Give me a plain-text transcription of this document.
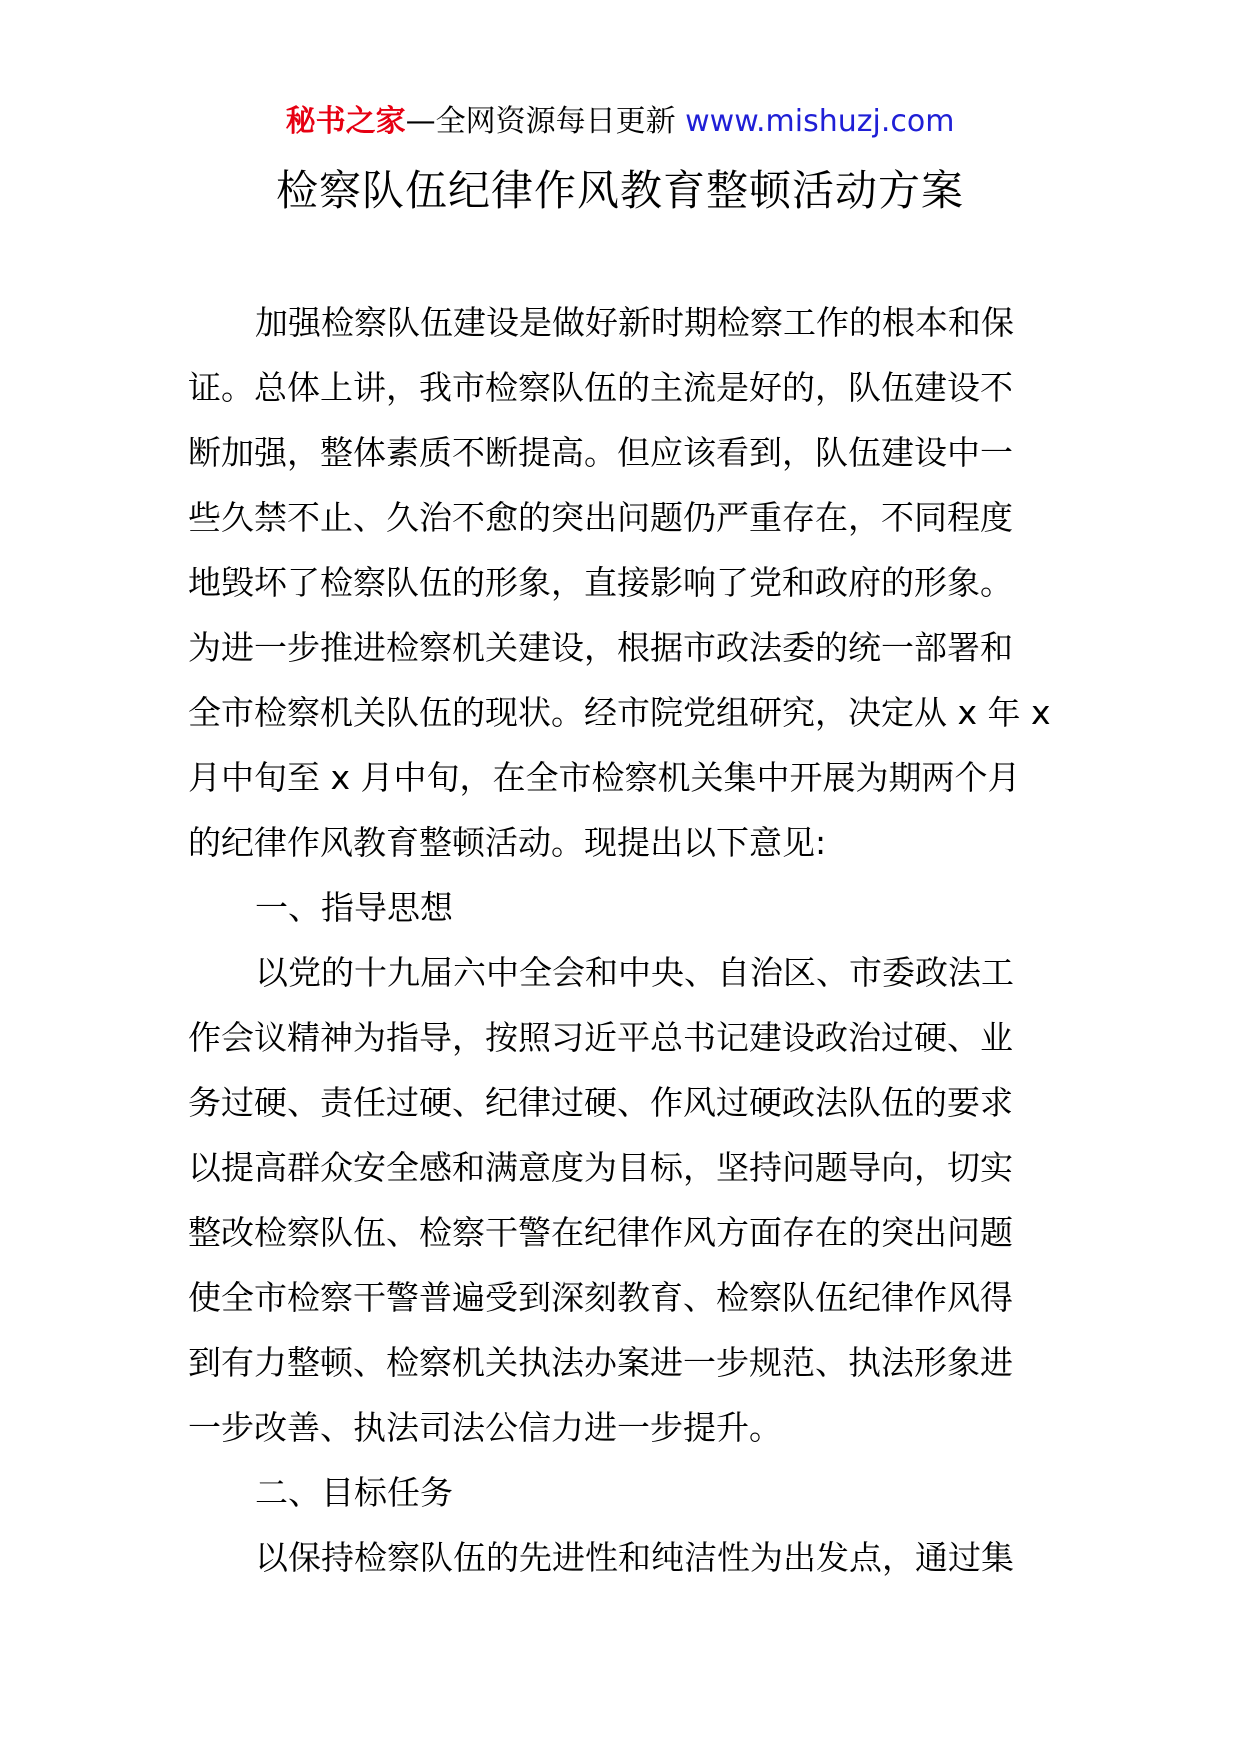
秘书之家—全网资源每日更新 www.mishuzj.com
检察队伍纪律作风教育整顿活动方案
加强检察队伍建设是做好新时期检察工作的根本和保
证。总体上讲，我市检察队伍的主流是好的，队伍建设不
断加强，整体素质不断提高。但应该看到，队伍建设中一
些久禁不止、久治不愈的突出问题仍严重存在，不同程度
地毁坏了检察队伍的形象，直接影响了党和政府的形象。
为进一步推进检察机关建设，根据市政法委的统一部署和
全市检察机关队伍的现状。经市院党组研究，决定从 x 年 x
月中旬至 x 月中旬，在全市检察机关集中开展为期两个月
的纪律作风教育整顿活动。现提出以下意见:
一、指导思想
以党的十九届六中全会和中央、自治区、市委政法工
作会议精神为指导，按照习近平总书记建设政治过硬、业
务过硬、责任过硬、纪律过硬、作风过硬政法队伍的要求
以提高群众安全感和满意度为目标，坚持问题导向，切实
整改检察队伍、检察干警在纪律作风方面存在的突出问题
使全市检察干警普遍受到深刻教育、检察队伍纪律作风得
到有力整顿、检察机关执法办案进一步规范、执法形象进
一步改善、执法司法公信力进一步提升。
二、目标任务
以保持检察队伍的先进性和纯洁性为出发点，通过集
